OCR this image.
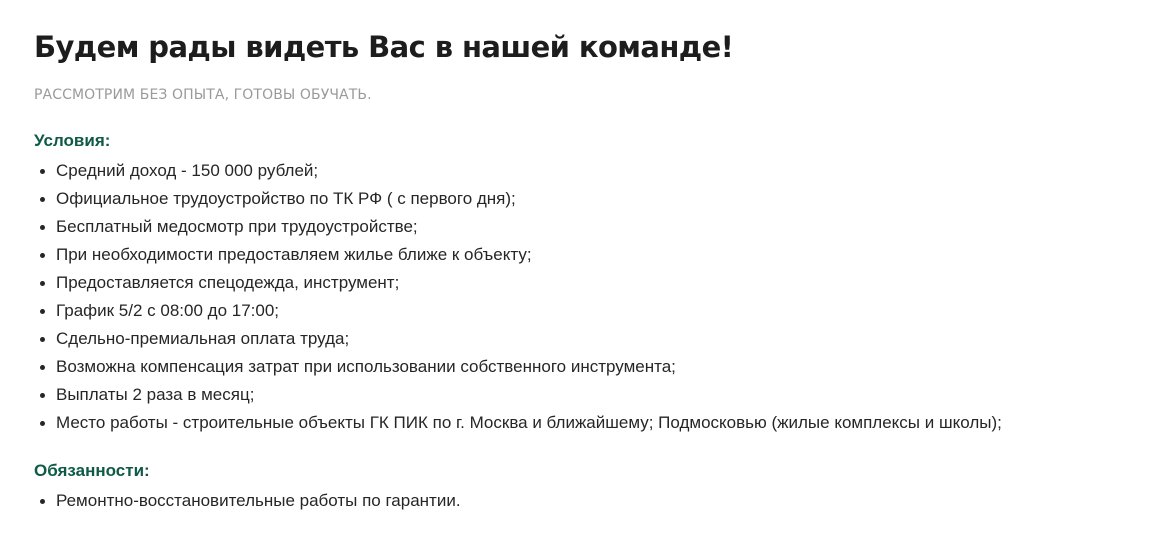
Будем рады видеть Вас в нашей команде!
РАССМОТРИМ БЕЗ ОПЫТА, ГОТОВЫ ОБУЧАТЬ.
Условия:
Средний доход - 150 000 рублей;
Официальное трудоустройство по ТК РФ ( с первого дня);
Бесплатный медосмотр при трудоустройстве;
При необходимости предоставляем жилье ближе к объекту;
Предоставляется спецодежда, инструмент;
График 5/2 с 08:00 до 17:00;
Сдельно-премиальная оплата труда;
Возможна компенсация затрат при использовании собственного инструмента;
Выплаты 2 раза в месяц;
Место работы - строительные объекты ГК ПИК по г. Москва и ближайшему; Подмосковью (жилые комплексы и школы);
Обязанности:
Ремонтно-восстановительные работы по гарантии.
